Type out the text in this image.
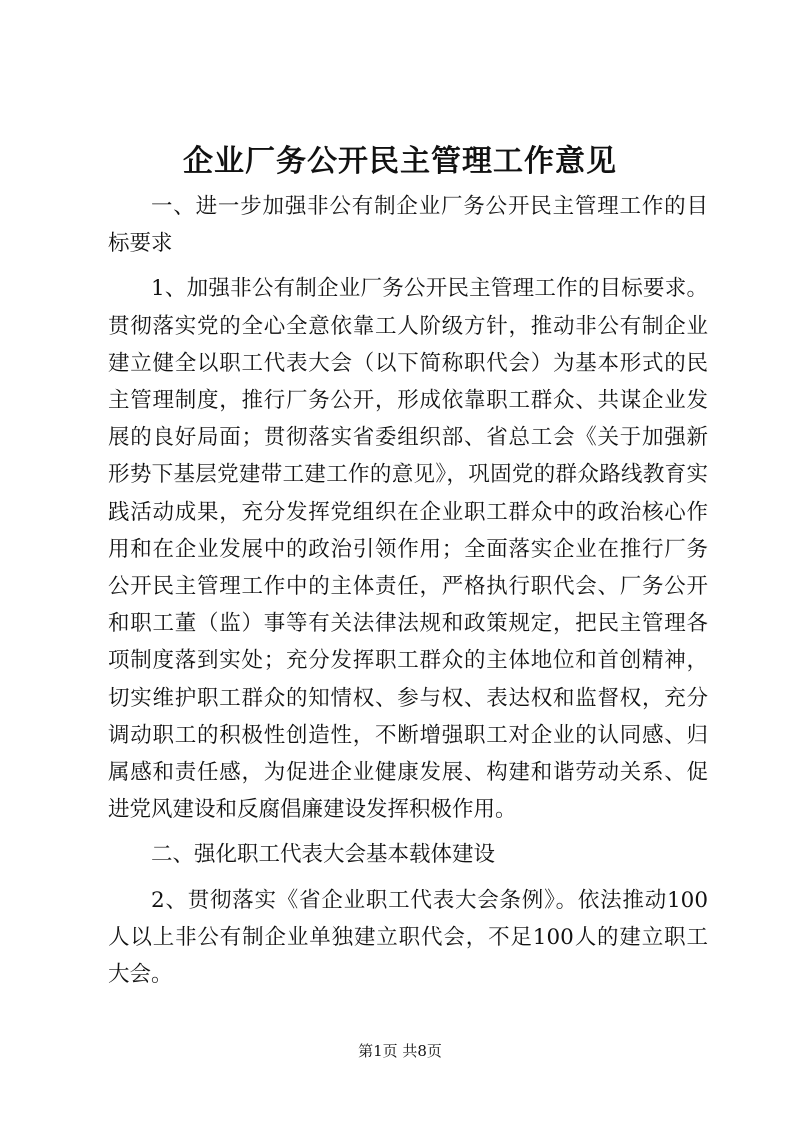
企业厂务公开民主管理工作意见

一、进一步加强非公有制企业厂务公开民主管理工作的目标要求

1、加强非公有制企业厂务公开民主管理工作的目标要求。贯彻落实党的全心全意依靠工人阶级方针，推动非公有制企业建立健全以职工代表大会（以下简称职代会）为基本形式的民主管理制度，推行厂务公开，形成依靠职工群众、共谋企业发展的良好局面；贯彻落实省委组织部、省总工会《关于加强新形势下基层党建带工建工作的意见》，巩固党的群众路线教育实践活动成果，充分发挥党组织在企业职工群众中的政治核心作用和在企业发展中的政治引领作用；全面落实企业在推行厂务公开民主管理工作中的主体责任，严格执行职代会、厂务公开和职工董（监）事等有关法律法规和政策规定，把民主管理各项制度落到实处；充分发挥职工群众的主体地位和首创精神，切实维护职工群众的知情权、参与权、表达权和监督权，充分调动职工的积极性创造性，不断增强职工对企业的认同感、归属感和责任感，为促进企业健康发展、构建和谐劳动关系、促进党风建设和反腐倡廉建设发挥积极作用。

二、强化职工代表大会基本载体建设

2、贯彻落实《省企业职工代表大会条例》。依法推动100人以上非公有制企业单独建立职代会，不足100人的建立职工大会。

第1页 共8页
